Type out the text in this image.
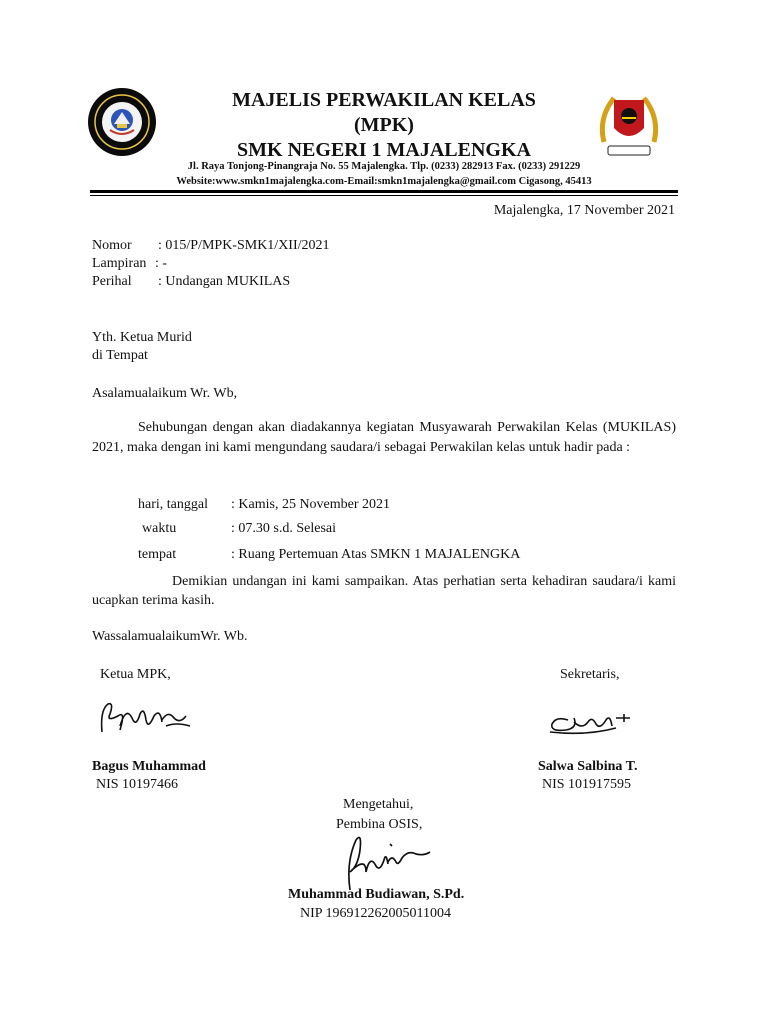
MAJELIS PERWAKILAN KELAS
(MPK)
SMK NEGERI 1 MAJALENGKA
Jl. Raya Tonjong-Pinangraja No. 55 Majalengka. Tlp. (0233) 282913 Fax. (0233) 291229
Website:www.smkn1majalengka.com-Email:smkn1majalengka@gmail.com Cigasong, 45413
Majalengka, 17 November 2021
Nomor : 015/P/MPK-SMK1/XII/2021
Lampiran : -
Perihal : Undangan MUKILAS
Yth. Ketua Murid
di Tempat
Asalamualaikum Wr. Wb,
Sehubungan dengan akan diadakannya kegiatan Musyawarah Perwakilan Kelas (MUKILAS) 2021, maka dengan ini kami mengundang saudara/i sebagai Perwakilan kelas untuk hadir pada :
hari, tanggal : Kamis, 25 November 2021
waktu	: 07.30 s.d. Selesai
tempat	: Ruang Pertemuan Atas SMKN 1 MAJALENGKA
Demikian undangan ini kami sampaikan. Atas perhatian serta kehadiran saudara/i kami ucapkan terima kasih.
WassalamualaikumWr. Wb.
Ketua MPK,
Bagus Muhammad
NIS 10197466
Sekretaris,
Salwa Salbina T.
NIS 101917595
Mengetahui,
Pembina OSIS,
Muhammad Budiawan, S.Pd.
NIP 196912262005011004
